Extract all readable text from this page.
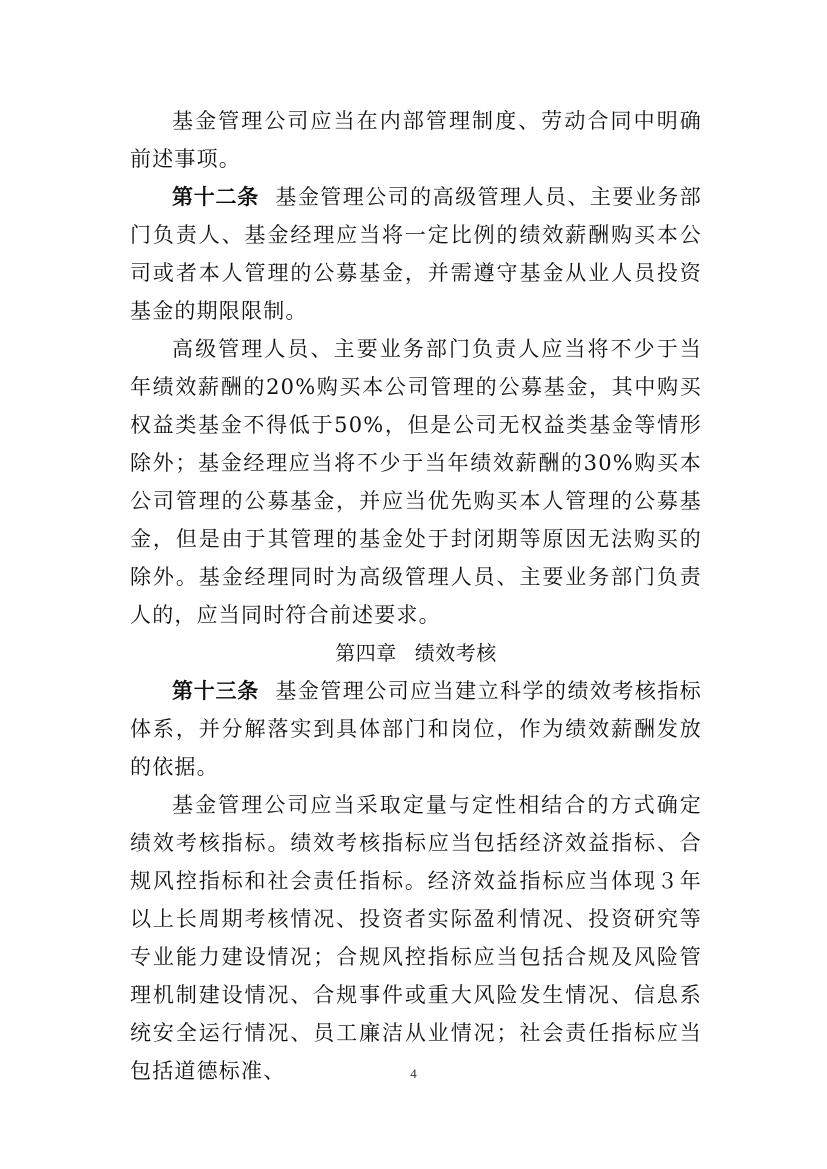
基金管理公司应当在内部管理制度、劳动合同中明确前述事项。

第十二条 基金管理公司的高级管理人员、主要业务部门负责人、基金经理应当将一定比例的绩效薪酬购买本公司或者本人管理的公募基金，并需遵守基金从业人员投资基金的期限限制。

高级管理人员、主要业务部门负责人应当将不少于当年绩效薪酬的20%购买本公司管理的公募基金，其中购买权益类基金不得低于50%，但是公司无权益类基金等情形除外；基金经理应当将不少于当年绩效薪酬的30%购买本公司管理的公募基金，并应当优先购买本人管理的公募基金，但是由于其管理的基金处于封闭期等原因无法购买的除外。基金经理同时为高级管理人员、主要业务部门负责人的，应当同时符合前述要求。

第四章 绩效考核

第十三条 基金管理公司应当建立科学的绩效考核指标体系，并分解落实到具体部门和岗位，作为绩效薪酬发放的依据。

基金管理公司应当采取定量与定性相结合的方式确定绩效考核指标。绩效考核指标应当包括经济效益指标、合规风控指标和社会责任指标。经济效益指标应当体现３年以上长周期考核情况、投资者实际盈利情况、投资研究等专业能力建设情况；合规风控指标应当包括合规及风险管理机制建设情况、合规事件或重大风险发生情况、信息系统安全运行情况、员工廉洁从业情况；社会责任指标应当包括道德标准、	4
